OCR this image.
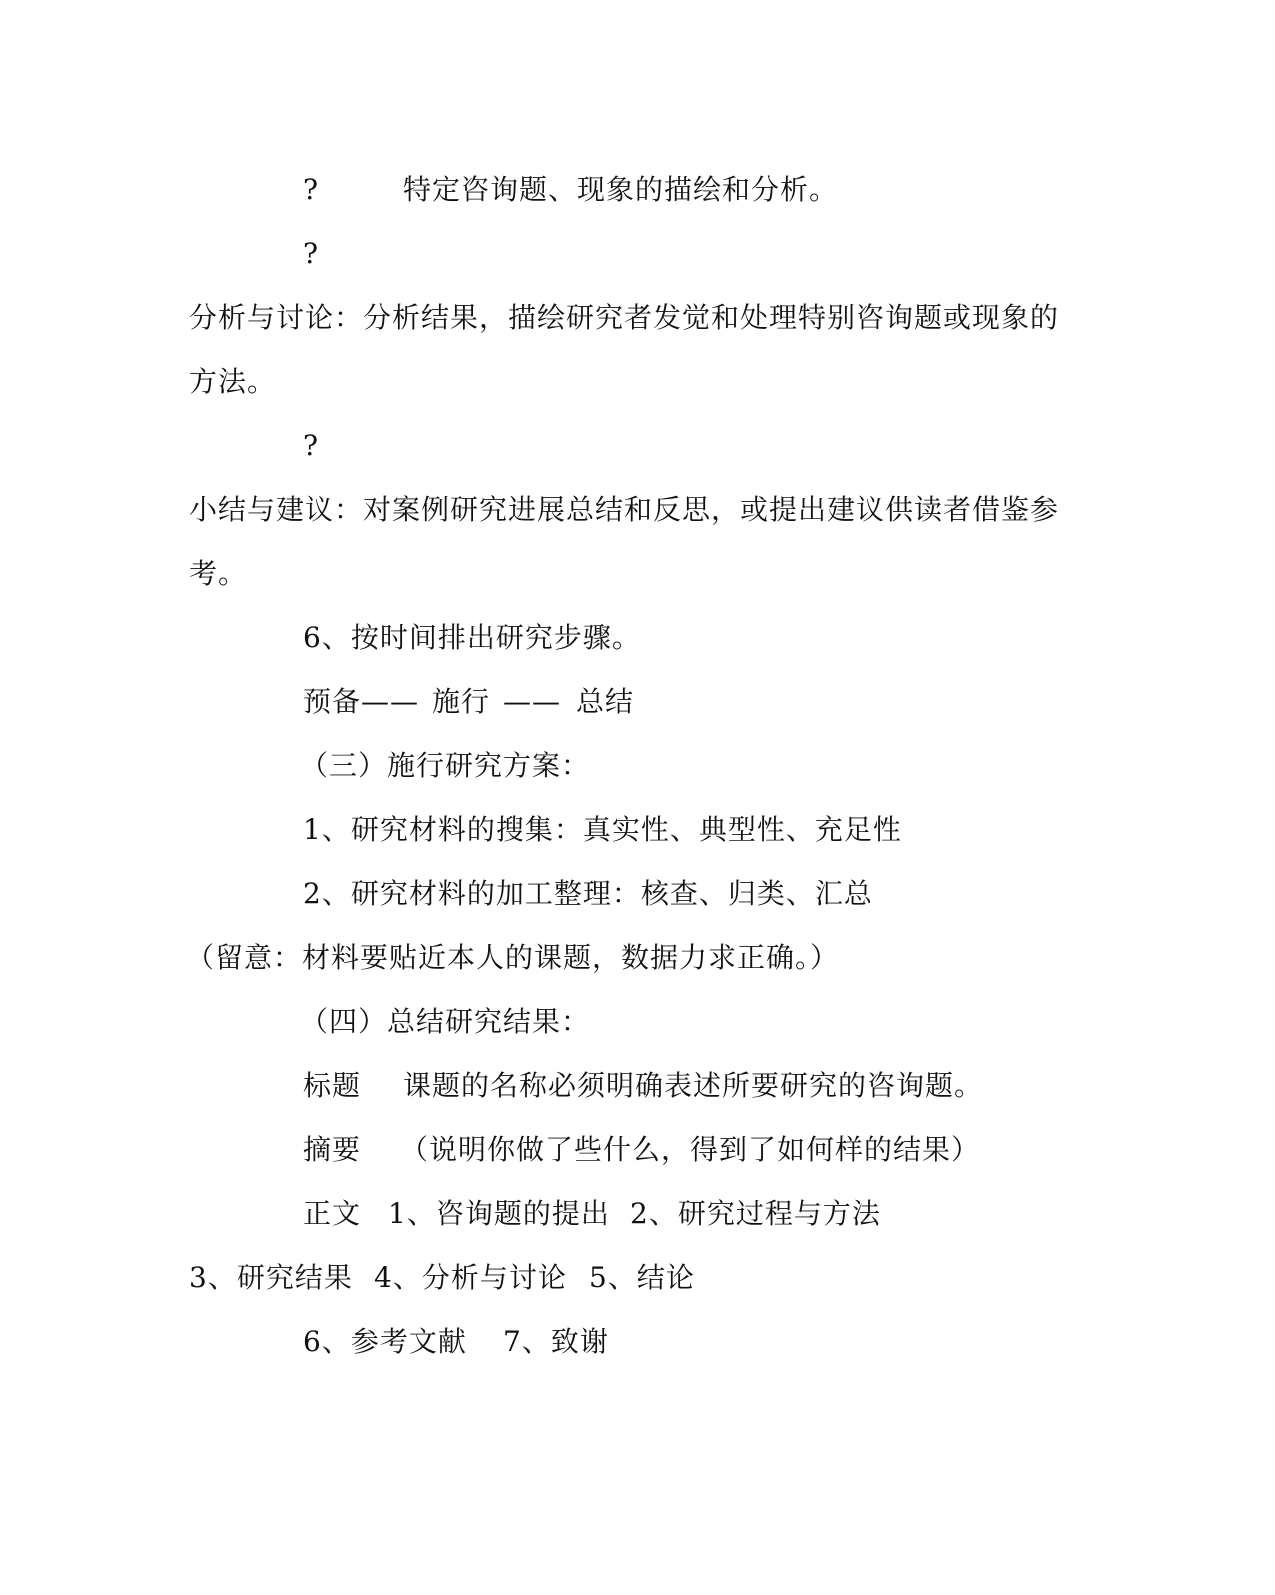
?	特定咨询题、现象的描绘和分析。
?
分析与讨论：分析结果，描绘研究者发觉和处理特别咨询题或现象的
方法。
?
小结与建议：对案例研究进展总结和反思，或提出建议供读者借鉴参
考。
6、按时间排出研究步骤。
预备—— 施行 —— 总结
（三）施行研究方案：
1、研究材料的搜集：真实性、典型性、充足性
2、研究材料的加工整理：核查、归类、汇总
（留意：材料要贴近本人的课题，数据力求正确。）
（四）总结研究结果：
标题 课题的名称必须明确表述所要研究的咨询题。
摘要 （说明你做了些什么，得到了如何样的结果）
正文 1、咨询题的提出 2、研究过程与方法
3、研究结果 4、分析与讨论 5、结论
6、参考文献 7、致谢
